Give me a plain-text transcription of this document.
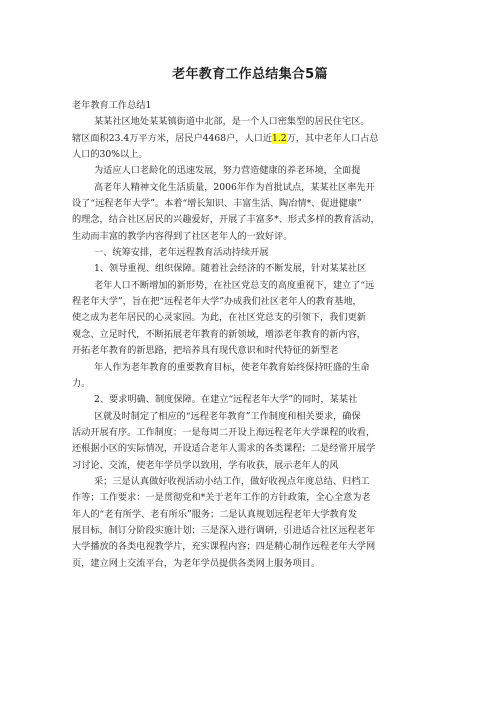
老年教育工作总结集合5篇
老年教育工作总结1
某某社区地处某某镇街道中北部，是一个人口密集型的居民住宅区。
辖区面积23.4万平方米，居民户4468户，人口近1.2万，其中老年人口占总
人口的30%以上。
为适应人口老龄化的迅速发展，努力营造健康的养老环境，全面提
高老年人精神文化生活质量，2006年作为首批试点，某某社区率先开
设了“远程老年大学”。本着“增长知识、丰富生活、陶冶情*、促进健康”
的理念，结合社区居民的兴趣爱好，开展了丰富多*、形式多样的教育活动，
生动而丰富的教学内容得到了社区老年人的一致好评。
一、统筹安排，老年远程教育活动持续开展
1、领导重视、组织保障。随着社会经济的不断发展，针对某某社区
老年人口不断增加的新形势，在社区党总支的高度重视下，建立了“远
程老年大学”，旨在把“远程老年大学”办成我们社区老年人的教育基地，
使之成为老年居民的心灵家园。为此，在社区党总支的引领下，我们更新
观念、立足时代，不断拓展老年教育的新领域，增添老年教育的新内容，
开拓老年教育的新思路，把培养具有现代意识和时代特征的新型老
年人作为老年教育的重要教育目标，使老年教育始终保持旺盛的生命
力。
2、要求明确、制度保障。在建立“远程老年大学”的同时，某某社
区就及时制定了相应的“远程老年教育”工作制度和相关要求，确保
活动开展有序。工作制度：一是每周二开设上海远程老年大学课程的收看，
还根据小区的实际情况，开设适合老年人需求的各类课程；二是经常开展学
习讨论、交流，使老年学员学以致用，学有收获，展示老年人的风
采；三是认真做好收视活动小结工作，做好收视点年度总结、归档工
作等；工作要求：一是贯彻党和*关于老年工作的方针政策，全心全意为老
年人的“老有所学、老有所乐”服务；二是认真规划远程老年大学教育发
展目标，制订分阶段实施计划；三是深入进行调研，引进适合社区远程老年
大学播放的各类电视教学片，充实课程内容；四是精心制作远程老年大学网
页，建立网上交流平台，为老年学员提供各类网上服务项目。
